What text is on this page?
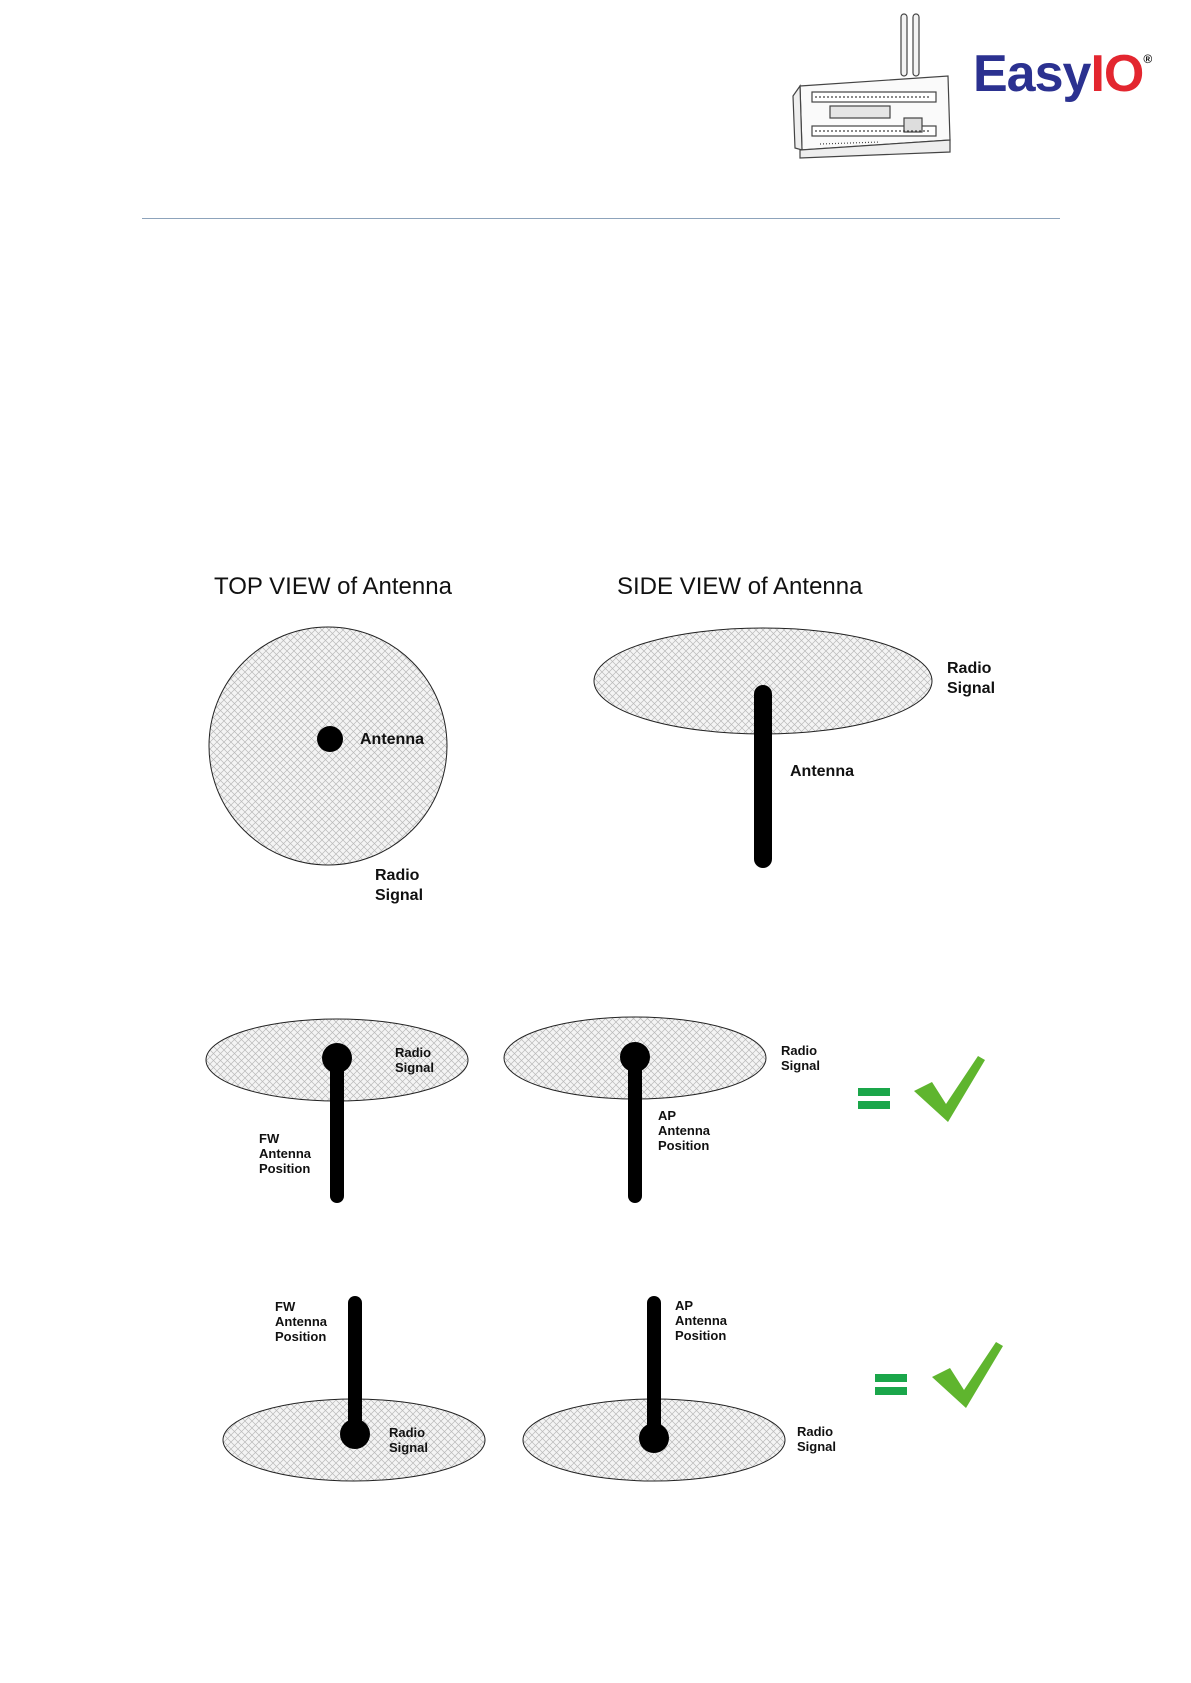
EasyIO®
TOP VIEW of Antenna	SIDE VIEW of Antenna
Antenna
Radio
Signal
Radio
Signal
Antenna
Radio
Signal
FW
Antenna
Position
Radio
Signal
AP
Antenna
Position
FW
Antenna
Position
Radio
Signal
AP
Antenna
Position
Radio
Signal
